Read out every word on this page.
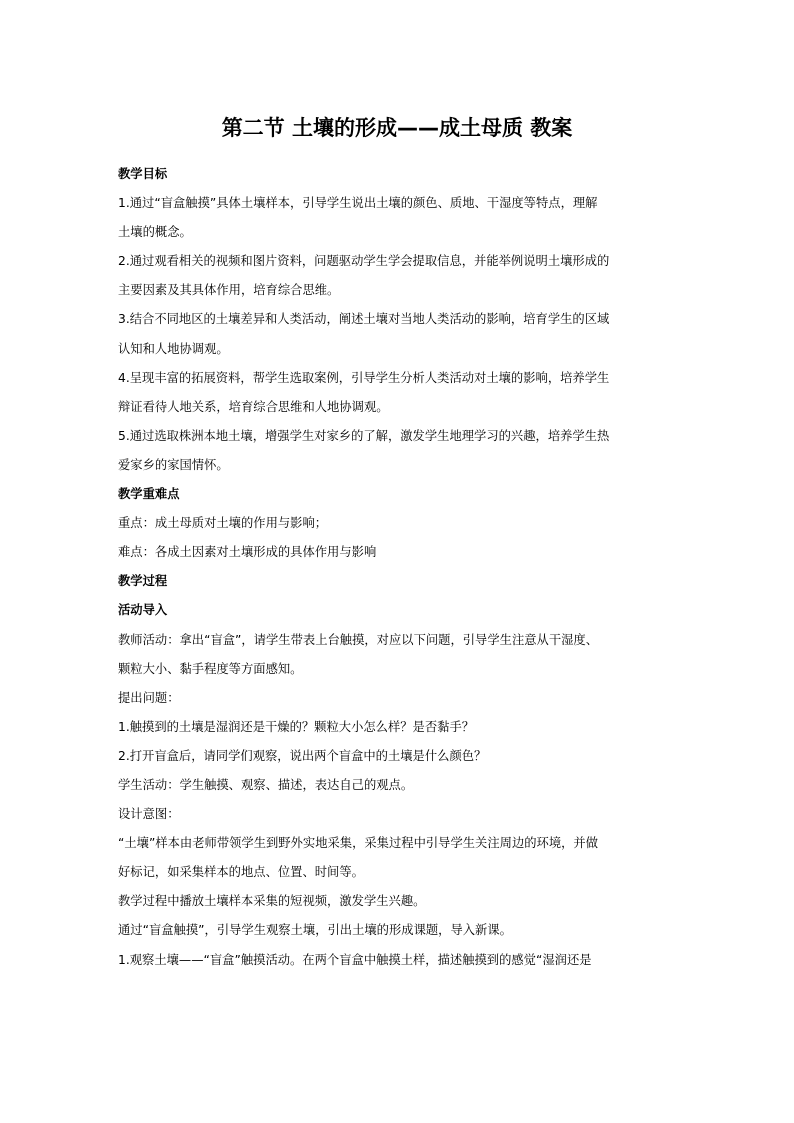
第二节 土壤的形成——成土母质 教案
教学目标
1.通过“盲盒触摸”具体土壤样本，引导学生说出土壤的颜色、质地、干湿度等特点，理解
土壤的概念。
2.通过观看相关的视频和图片资料，问题驱动学生学会提取信息，并能举例说明土壤形成的
主要因素及其具体作用，培育综合思维。
3.结合不同地区的土壤差异和人类活动，阐述土壤对当地人类活动的影响，培育学生的区域
认知和人地协调观。
4.呈现丰富的拓展资料，帮学生选取案例，引导学生分析人类活动对土壤的影响，培养学生
辩证看待人地关系，培育综合思维和人地协调观。
5.通过选取株洲本地土壤，增强学生对家乡的了解，激发学生地理学习的兴趣，培养学生热
爱家乡的家国情怀。
教学重难点
重点：成土母质对土壤的作用与影响；
难点：各成土因素对土壤形成的具体作用与影响
教学过程
活动导入
教师活动：拿出“盲盒”，请学生带表上台触摸，对应以下问题，引导学生注意从干湿度、
颗粒大小、黏手程度等方面感知。
提出问题：
1.触摸到的土壤是湿润还是干燥的？颗粒大小怎么样？是否黏手？
2.打开盲盒后，请同学们观察，说出两个盲盒中的土壤是什么颜色？
学生活动：学生触摸、观察、描述，表达自己的观点。
设计意图：
“土壤”样本由老师带领学生到野外实地采集，采集过程中引导学生关注周边的环境，并做
好标记，如采集样本的地点、位置、时间等。
教学过程中播放土壤样本采集的短视频，激发学生兴趣。
通过“盲盒触摸”，引导学生观察土壤，引出土壤的形成课题，导入新课。
1.观察土壤——“盲盒”触摸活动。在两个盲盒中触摸土样，描述触摸到的感觉“湿润还是
